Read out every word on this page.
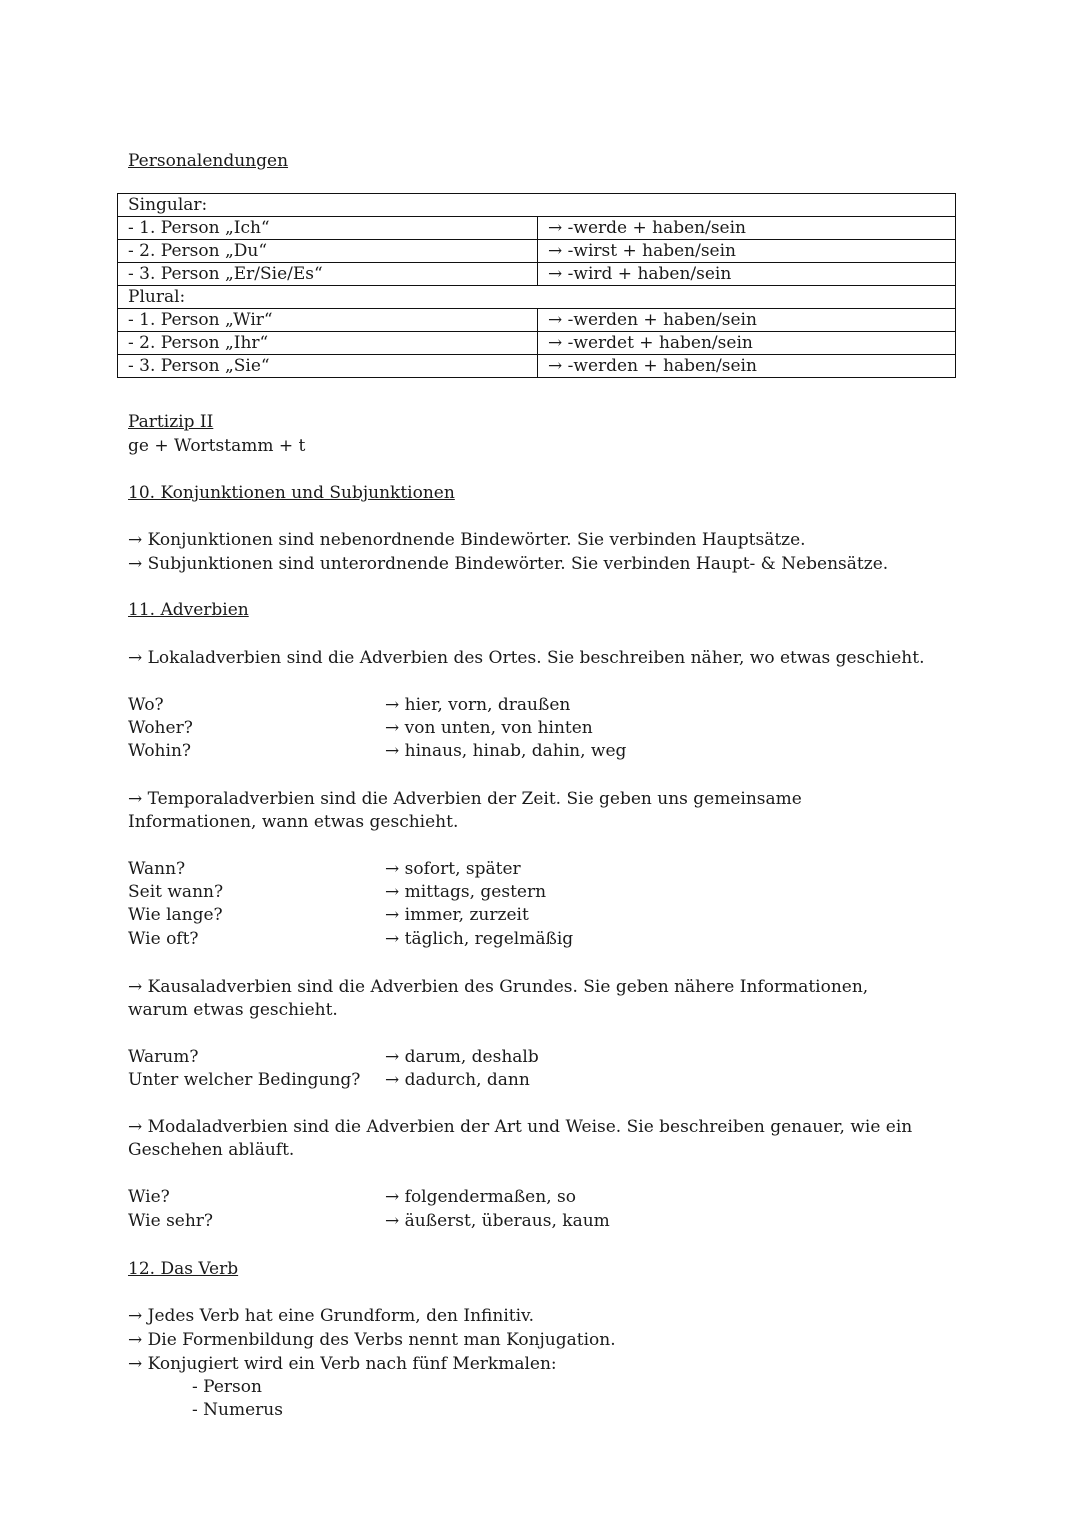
Personalendungen
Singular:	
- 1. Person „Ich“	→ -werde + haben/sein
- 2. Person „Du“	→ -wirst + haben/sein
- 3. Person „Er/Sie/Es“	→ -wird + haben/sein
Plural:	
- 1. Person „Wir“	→ -werden + haben/sein
- 2. Person „Ihr“	→ -werdet + haben/sein
- 3. Person „Sie“	→ -werden + haben/sein
Partizip II
ge + Wortstamm + t
10. Konjunktionen und Subjunktionen
→ Konjunktionen sind nebenordnende Bindewörter. Sie verbinden Hauptsätze.
→ Subjunktionen sind unterordnende Bindewörter. Sie verbinden Haupt- & Nebensätze.
11. Adverbien
→ Lokaladverbien sind die Adverbien des Ortes. Sie beschreiben näher, wo etwas geschieht.
Wo?	→ hier, vorn, draußen
Woher?	→ von unten, von hinten
Wohin?	→ hinaus, hinab, dahin, weg
→ Temporaladverbien sind die Adverbien der Zeit. Sie geben uns gemeinsame
Informationen, wann etwas geschieht.
Wann?	→ sofort, später
Seit wann?	→ mittags, gestern
Wie lange?	→ immer, zurzeit
Wie oft?	→ täglich, regelmäßig
→ Kausaladverbien sind die Adverbien des Grundes. Sie geben nähere Informationen,
warum etwas geschieht.
Warum?	→ darum, deshalb
Unter welcher Bedingung? → dadurch, dann
→ Modaladverbien sind die Adverbien der Art und Weise. Sie beschreiben genauer, wie ein
Geschehen abläuft.
Wie?	→ folgendermaßen, so
Wie sehr?	→ äußerst, überaus, kaum
12. Das Verb
→ Jedes Verb hat eine Grundform, den Infinitiv.
→ Die Formenbildung des Verbs nennt man Konjugation.
→ Konjugiert wird ein Verb nach fünf Merkmalen:
- Person
- Numerus
